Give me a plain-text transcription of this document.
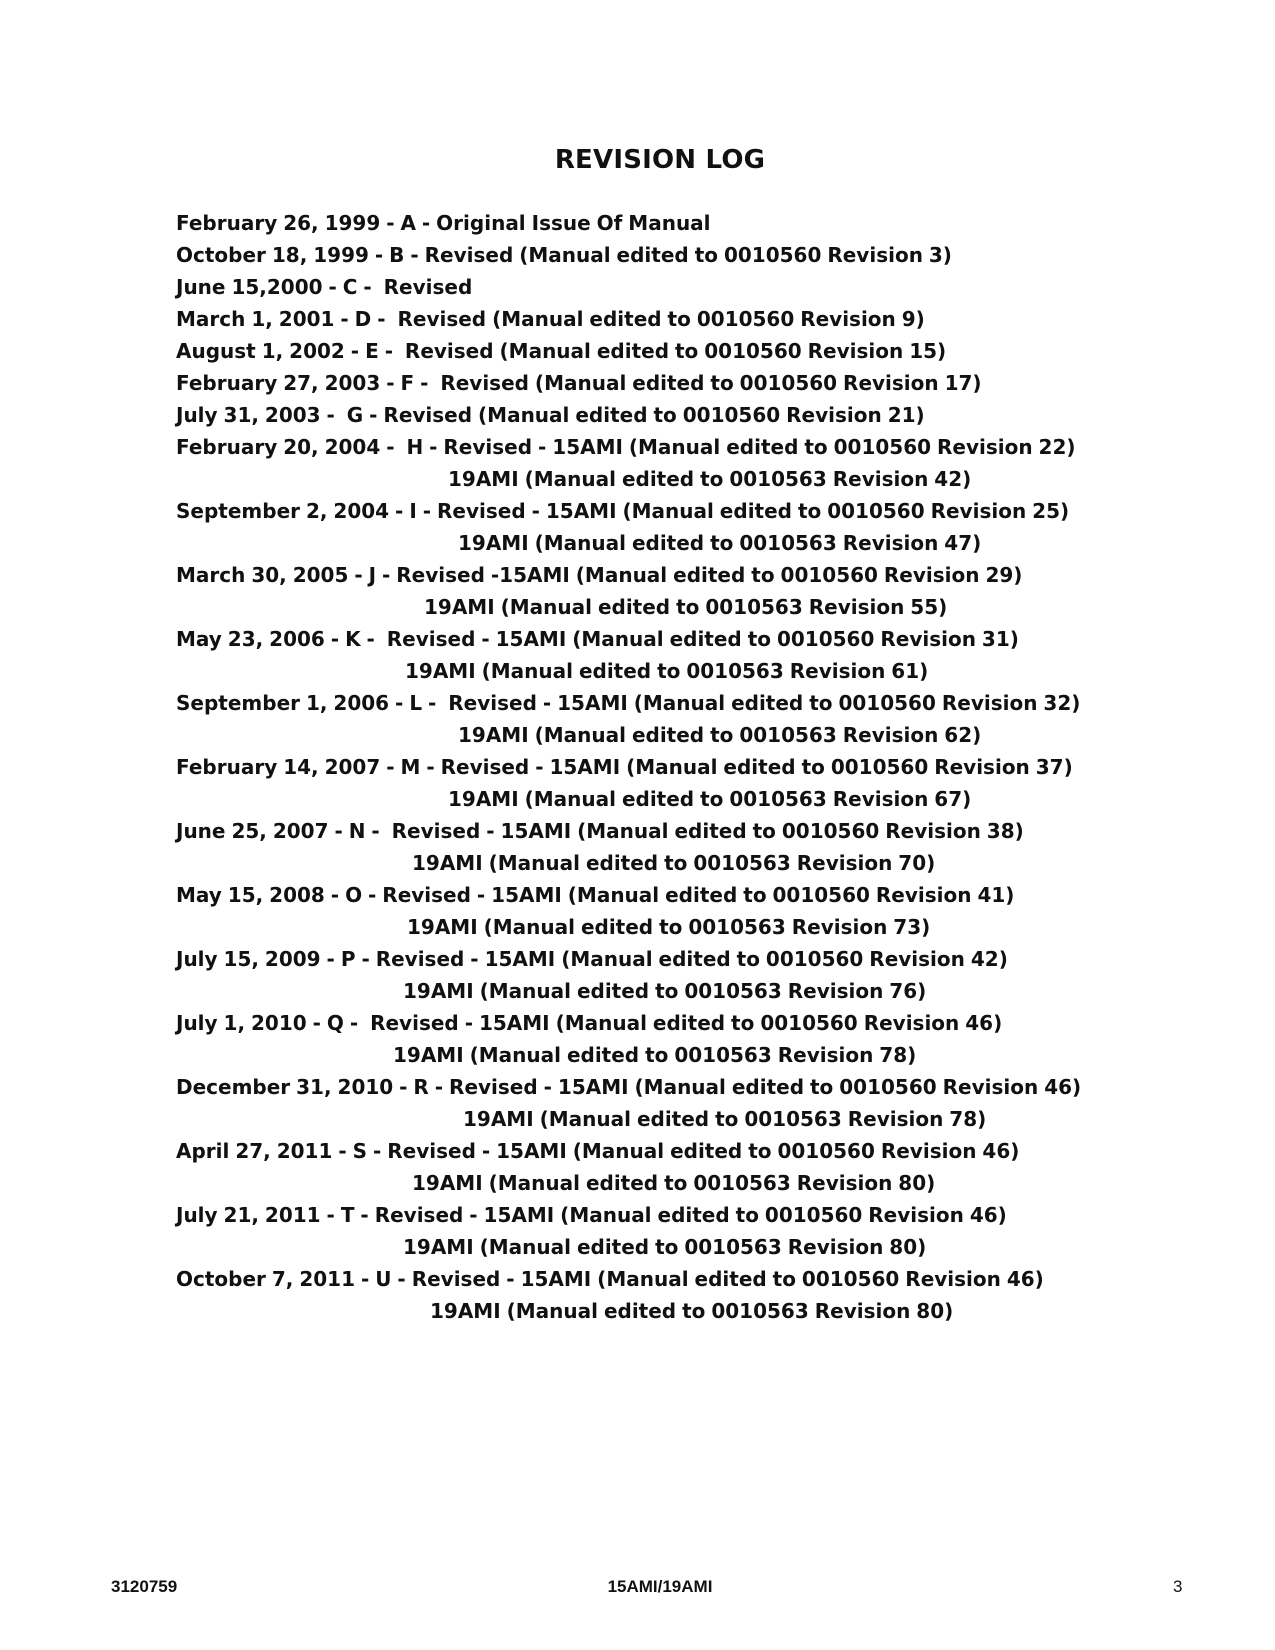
REVISION LOG
February 26, 1999 - A - Original Issue Of Manual
October 18, 1999 - B - Revised (Manual edited to 0010560 Revision 3)
June 15,2000 - C -  Revised
March 1, 2001 - D -  Revised (Manual edited to 0010560 Revision 9)
August 1, 2002 - E -  Revised (Manual edited to 0010560 Revision 15)
February 27, 2003 - F -  Revised (Manual edited to 0010560 Revision 17)
July 31, 2003 -  G - Revised (Manual edited to 0010560 Revision 21)
February 20, 2004 -  H - Revised - 15AMI (Manual edited to 0010560 Revision 22)
19AMI (Manual edited to 0010563 Revision 42)
September 2, 2004 - I - Revised - 15AMI (Manual edited to 0010560 Revision 25)
19AMI (Manual edited to 0010563 Revision 47)
March 30, 2005 - J - Revised -15AMI (Manual edited to 0010560 Revision 29)
19AMI (Manual edited to 0010563 Revision 55)
May 23, 2006 - K -  Revised - 15AMI (Manual edited to 0010560 Revision 31)
19AMI (Manual edited to 0010563 Revision 61)
September 1, 2006 - L -  Revised - 15AMI (Manual edited to 0010560 Revision 32)
19AMI (Manual edited to 0010563 Revision 62)
February 14, 2007 - M - Revised - 15AMI (Manual edited to 0010560 Revision 37)
19AMI (Manual edited to 0010563 Revision 67)
June 25, 2007 - N -  Revised - 15AMI (Manual edited to 0010560 Revision 38)
19AMI (Manual edited to 0010563 Revision 70)
May 15, 2008 - O - Revised - 15AMI (Manual edited to 0010560 Revision 41)
19AMI (Manual edited to 0010563 Revision 73)
July 15, 2009 - P - Revised - 15AMI (Manual edited to 0010560 Revision 42)
19AMI (Manual edited to 0010563 Revision 76)
July 1, 2010 - Q -  Revised - 15AMI (Manual edited to 0010560 Revision 46)
19AMI (Manual edited to 0010563 Revision 78)
December 31, 2010 - R - Revised - 15AMI (Manual edited to 0010560 Revision 46)
19AMI (Manual edited to 0010563 Revision 78)
April 27, 2011 - S - Revised - 15AMI (Manual edited to 0010560 Revision 46)
19AMI (Manual edited to 0010563 Revision 80)
July 21, 2011 - T - Revised - 15AMI (Manual edited to 0010560 Revision 46)
19AMI (Manual edited to 0010563 Revision 80)
October 7, 2011 - U - Revised - 15AMI (Manual edited to 0010560 Revision 46)
19AMI (Manual edited to 0010563 Revision 80)
3120759	15AMI/19AMI	3
